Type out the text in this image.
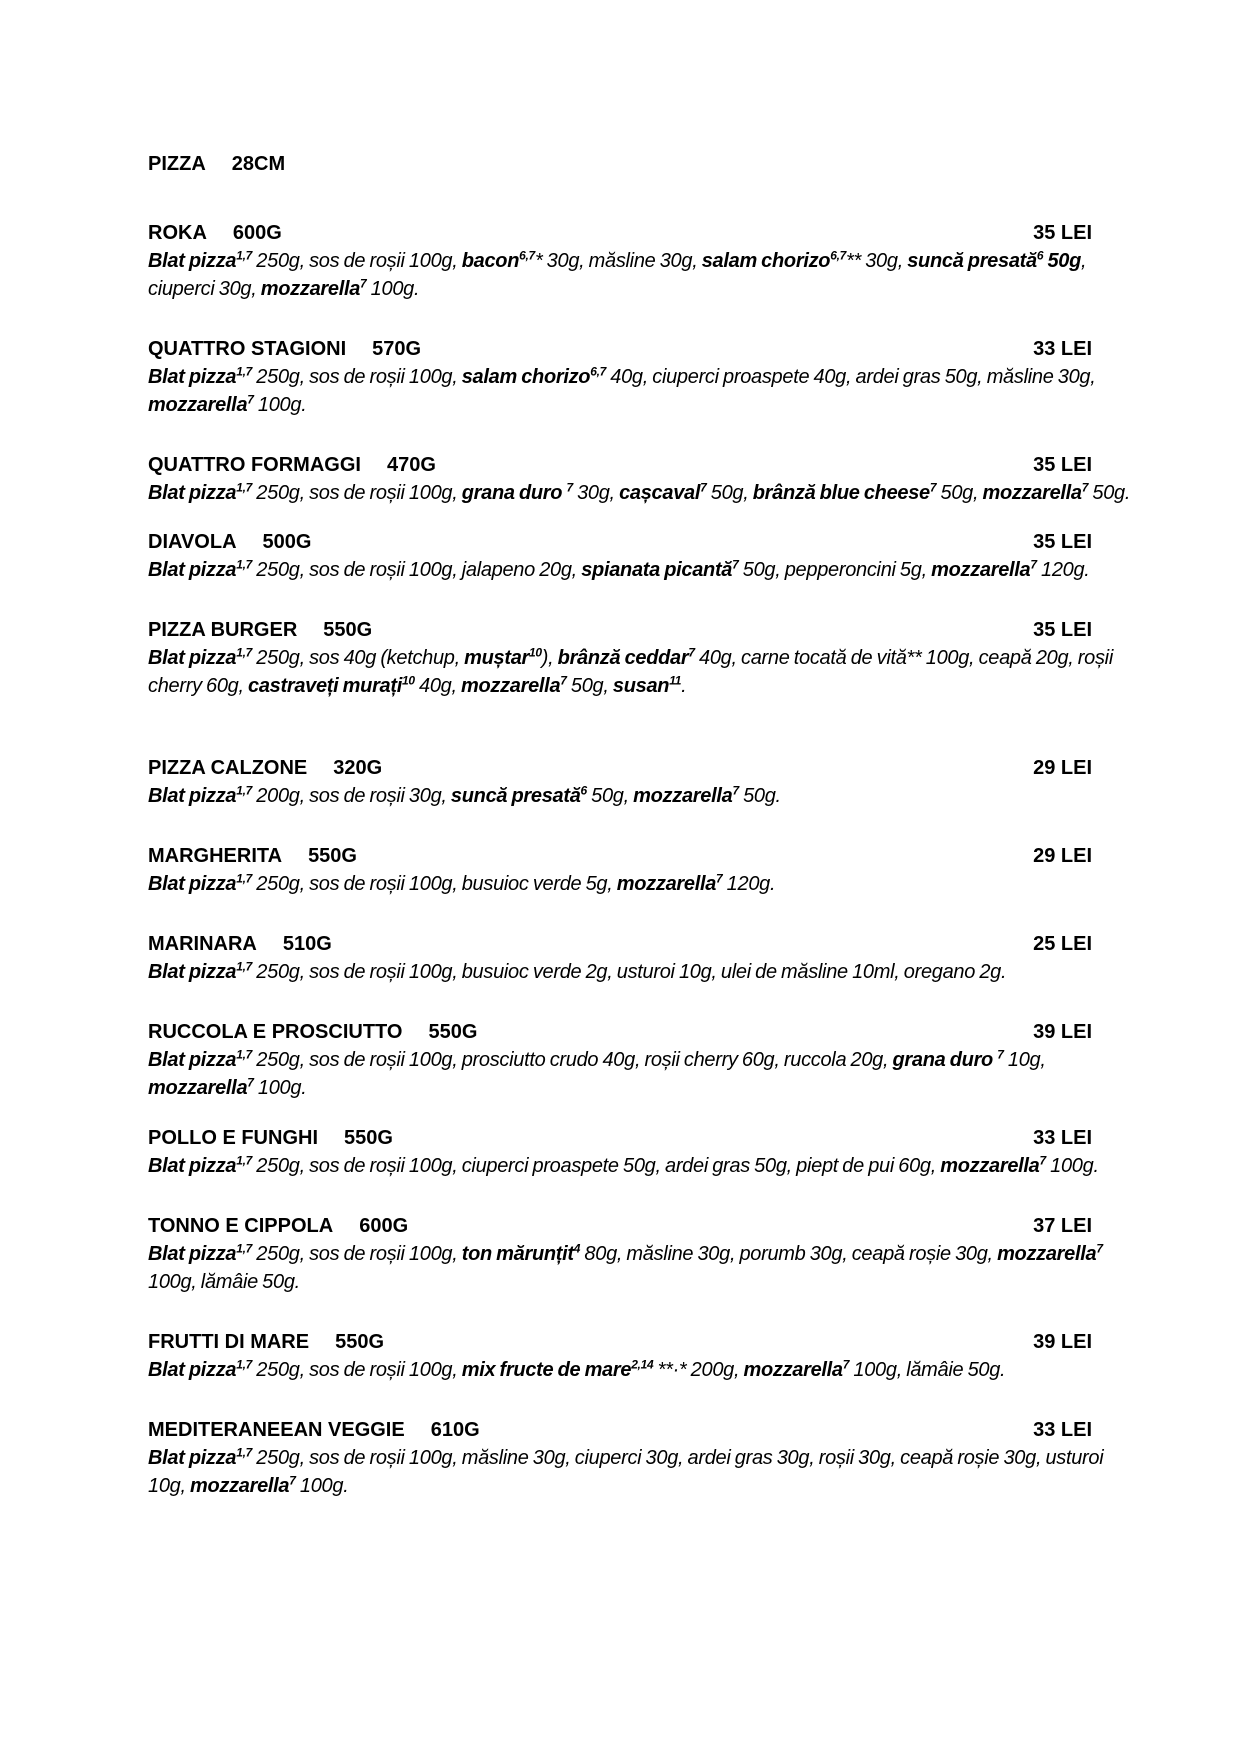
PIZZA 28CM
ROKA 600G	35 LEI

Blat pizza$^{1,7}$ 250g, sos de roșii 100g, bacon$^{6,7}$* 30g, măsline 30g, salam chorizo$^{6,7}$** 30g, suncă presată$^6$ 50g, ciuperci 30g, mozzarella$^7$ 100g.

QUATTRO STAGIONI 570G	33 LEI

Blat pizza$^{1,7}$ 250g, sos de roșii 100g, salam chorizo$^{6,7}$ 40g, ciuperci proaspete 40g, ardei gras 50g, măsline 30g, mozzarella$^7$ 100g.

QUATTRO FORMAGGI 470G	35 LEI

Blat pizza$^{1,7}$ 250g, sos de roșii 100g, grana duro $^7$ 30g, cașcaval$^7$ 50g, brânză blue cheese$^7$ 50g, mozzarella$^7$ 50g.

DIAVOLA 500G	35 LEI

Blat pizza$^{1,7}$ 250g, sos de roșii 100g, jalapeno 20g, spianata picantă$^7$ 50g, pepperoncini 5g, mozzarella$^7$ 120g.

PIZZA BURGER 550G	35 LEI

Blat pizza$^{1,7}$ 250g, sos 40g (ketchup, muștar$^{10}$), brânză ceddar$^7$ 40g, carne tocată de vită** 100g, ceapă 20g, roșii cherry 60g, castraveți murați$^{10}$ 40g, mozzarella$^7$ 50g, susan$^{11}$.

PIZZA CALZONE 320G	29 LEI

Blat pizza$^{1,7}$ 200g, sos de roșii 30g, suncă presată$^6$ 50g, mozzarella$^7$ 50g.

MARGHERITA 550G	29 LEI

Blat pizza$^{1,7}$ 250g, sos de roșii 100g, busuioc verde 5g, mozzarella$^7$ 120g.

MARINARA 510G	25 LEI

Blat pizza$^{1,7}$ 250g, sos de roșii 100g, busuioc verde 2g, usturoi 10g, ulei de măsline 10ml, oregano 2g.

RUCCOLA E PROSCIUTTO 550G	39 LEI

Blat pizza$^{1,7}$ 250g, sos de roșii 100g, prosciutto crudo 40g, roșii cherry 60g, ruccola 20g, grana duro $^7$ 10g, mozzarella$^7$ 100g.

POLLO E FUNGHI 550G	33 LEI

Blat pizza$^{1,7}$ 250g, sos de roșii 100g, ciuperci proaspete 50g, ardei gras 50g, piept de pui 60g, mozzarella$^7$ 100g.

TONNO E CIPPOLA 600G	37 LEI

Blat pizza$^{1,7}$ 250g, sos de roșii 100g, ton mărunțit$^4$ 80g, măsline 30g, porumb 30g, ceapă roșie 30g, mozzarella$^7$ 100g, lămâie 50g.

FRUTTI DI MARE 550G	39 LEI

Blat pizza$^{1,7}$ 250g, sos de roșii 100g, mix fructe de mare$^{2,14}$ **·* 200g, mozzarella$^7$ 100g, lămâie 50g.

MEDITERANEEAN VEGGIE 610G	33 LEI

Blat pizza$^{1,7}$ 250g, sos de roșii 100g, măsline 30g, ciuperci 30g, ardei gras 30g, roșii 30g, ceapă roșie 30g, usturoi 10g, mozzarella$^7$ 100g.
